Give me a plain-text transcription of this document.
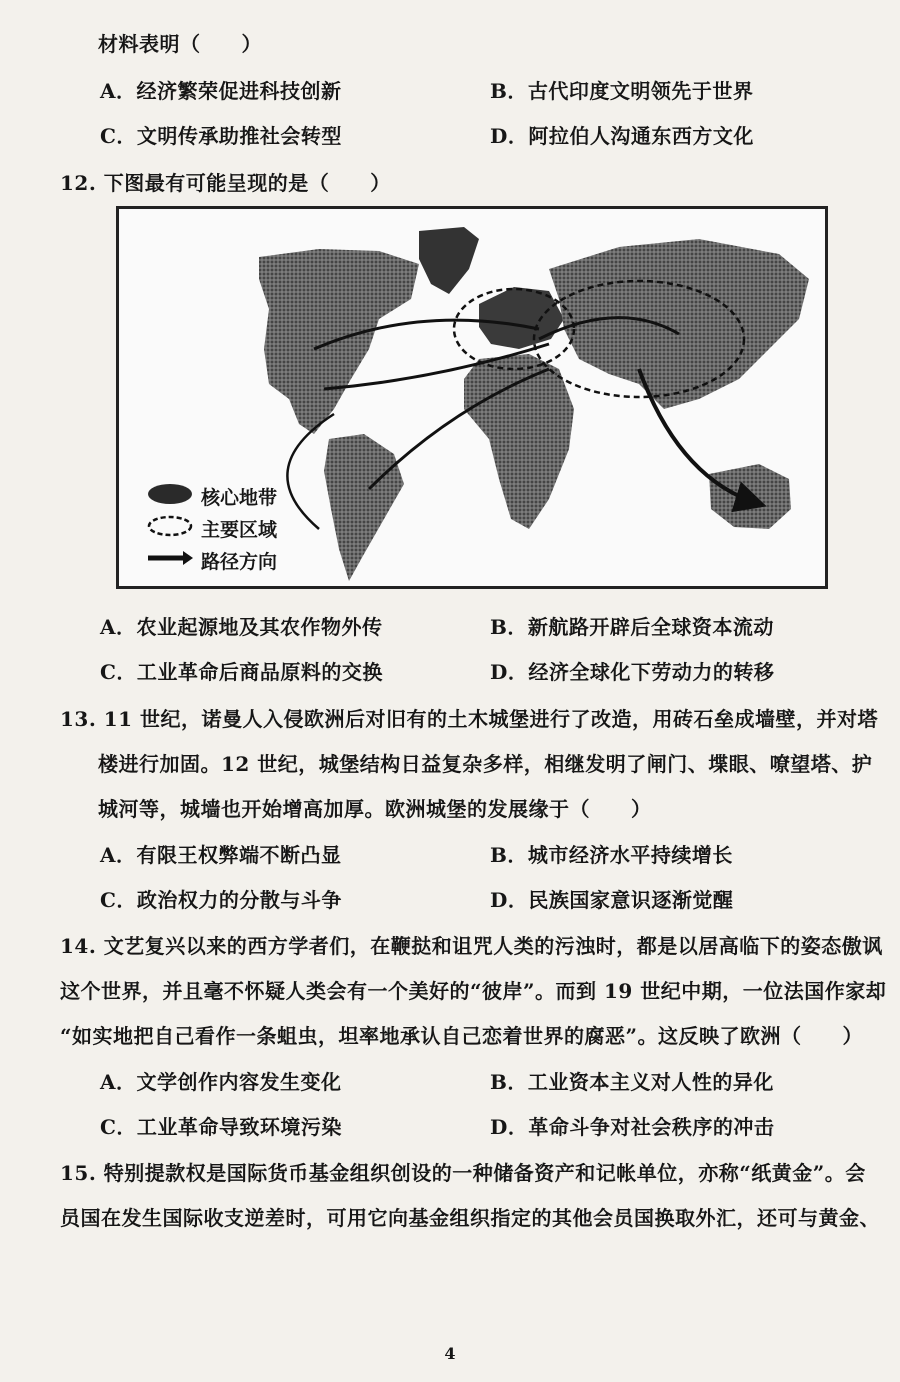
材料表明（　　）
A．经济繁荣促进科技创新	B．古代印度文明领先于世界
C．文明传承助推社会转型	D．阿拉伯人沟通东西方文化
12. 下图最有可能呈现的是（　　）
核心地带
主要区域
路径方向
A．农业起源地及其农作物外传	B．新航路开辟后全球资本流动
C．工业革命后商品原料的交换	D．经济全球化下劳动力的转移
13. 11 世纪，诺曼人入侵欧洲后对旧有的土木城堡进行了改造，用砖石垒成墙壁，并对塔
楼进行加固。12 世纪，城堡结构日益复杂多样，相继发明了闸门、堞眼、嘹望塔、护
城河等，城墙也开始增高加厚。欧洲城堡的发展缘于（　　）
A．有限王权弊端不断凸显	B．城市经济水平持续增长
C．政治权力的分散与斗争	D．民族国家意识逐渐觉醒
14. 文艺复兴以来的西方学者们，在鞭挞和诅咒人类的污浊时，都是以居高临下的姿态傲讽
这个世界，并且毫不怀疑人类会有一个美好的“彼岸”。而到 19 世纪中期，一位法国作家却
“如实地把自己看作一条蛆虫，坦率地承认自己恋着世界的腐恶”。这反映了欧洲（　　）
A．文学创作内容发生变化	B．工业资本主义对人性的异化
C．工业革命导致环境污染	D．革命斗争对社会秩序的冲击
15. 特别提款权是国际货币基金组织创设的一种储备资产和记帐单位，亦称“纸黄金”。会
员国在发生国际收支逆差时，可用它向基金组织指定的其他会员国换取外汇，还可与黄金、
4
